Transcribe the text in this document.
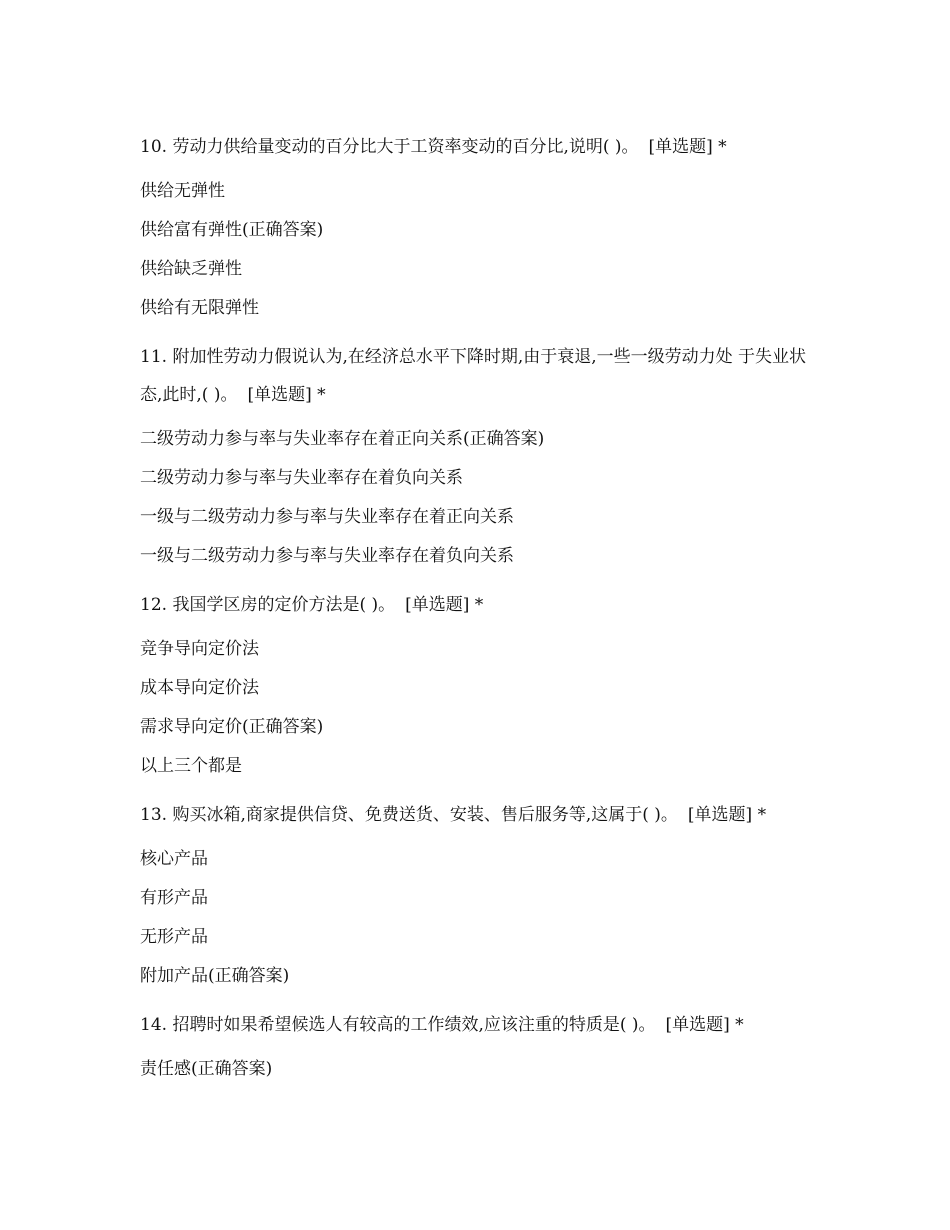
10. 劳动力供给量变动的百分比大于工资率变动的百分比,说明( )。 [单选题] *

供给无弹性
供给富有弹性(正确答案)
供给缺乏弹性
供给有无限弹性

11. 附加性劳动力假说认为,在经济总水平下降时期,由于衰退,一些一级劳动力处 于失业状态,此时,( )。 [单选题] *

二级劳动力参与率与失业率存在着正向关系(正确答案)
二级劳动力参与率与失业率存在着负向关系
一级与二级劳动力参与率与失业率存在着正向关系
一级与二级劳动力参与率与失业率存在着负向关系

12. 我国学区房的定价方法是( )。 [单选题] *

竞争导向定价法
成本导向定价法
需求导向定价(正确答案)
以上三个都是

13. 购买冰箱,商家提供信贷、免费送货、安装、售后服务等,这属于( )。 [单选题] *

核心产品
有形产品
无形产品
附加产品(正确答案)

14. 招聘时如果希望候选人有较高的工作绩效,应该注重的特质是( )。 [单选题] *

责任感(正确答案)
